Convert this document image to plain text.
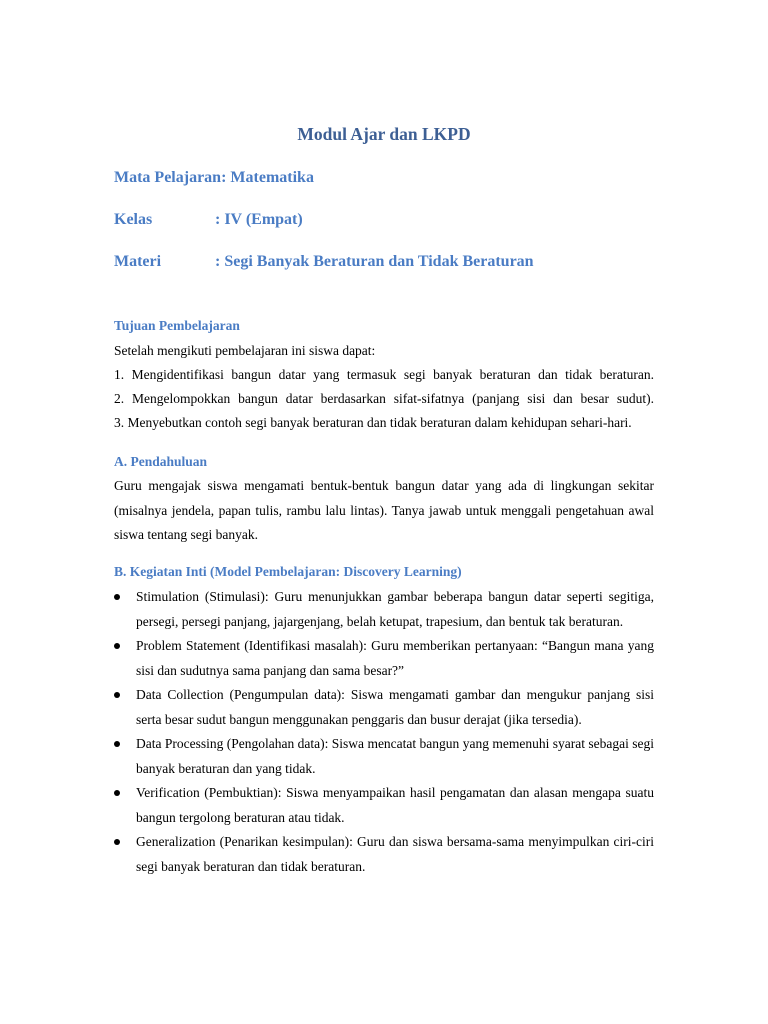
Modul Ajar dan LKPD

Mata Pelajaran: Matematika

Kelas	: IV (Empat)

Materi	: Segi Banyak Beraturan dan Tidak Beraturan

Tujuan Pembelajaran

Setelah mengikuti pembelajaran ini siswa dapat:

1. Mengidentifikasi bangun datar yang termasuk segi banyak beraturan dan tidak beraturan.

2. Mengelompokkan bangun datar berdasarkan sifat-sifatnya (panjang sisi dan besar sudut).

3. Menyebutkan contoh segi banyak beraturan dan tidak beraturan dalam kehidupan sehari-hari.

A. Pendahuluan

Guru mengajak siswa mengamati bentuk-bentuk bangun datar yang ada di lingkungan sekitar (misalnya jendela, papan tulis, rambu lalu lintas). Tanya jawab untuk menggali pengetahuan awal siswa tentang segi banyak.

B. Kegiatan Inti (Model Pembelajaran: Discovery Learning)

Stimulation (Stimulasi): Guru menunjukkan gambar beberapa bangun datar seperti segitiga, persegi, persegi panjang, jajargenjang, belah ketupat, trapesium, dan bentuk tak beraturan.
Problem Statement (Identifikasi masalah): Guru memberikan pertanyaan: “Bangun mana yang sisi dan sudutnya sama panjang dan sama besar?”
Data Collection (Pengumpulan data): Siswa mengamati gambar dan mengukur panjang sisi serta besar sudut bangun menggunakan penggaris dan busur derajat (jika tersedia).
Data Processing (Pengolahan data): Siswa mencatat bangun yang memenuhi syarat sebagai segi banyak beraturan dan yang tidak.
Verification (Pembuktian): Siswa menyampaikan hasil pengamatan dan alasan mengapa suatu bangun tergolong beraturan atau tidak.
Generalization (Penarikan kesimpulan): Guru dan siswa bersama-sama menyimpulkan ciri-ciri segi banyak beraturan dan tidak beraturan.
